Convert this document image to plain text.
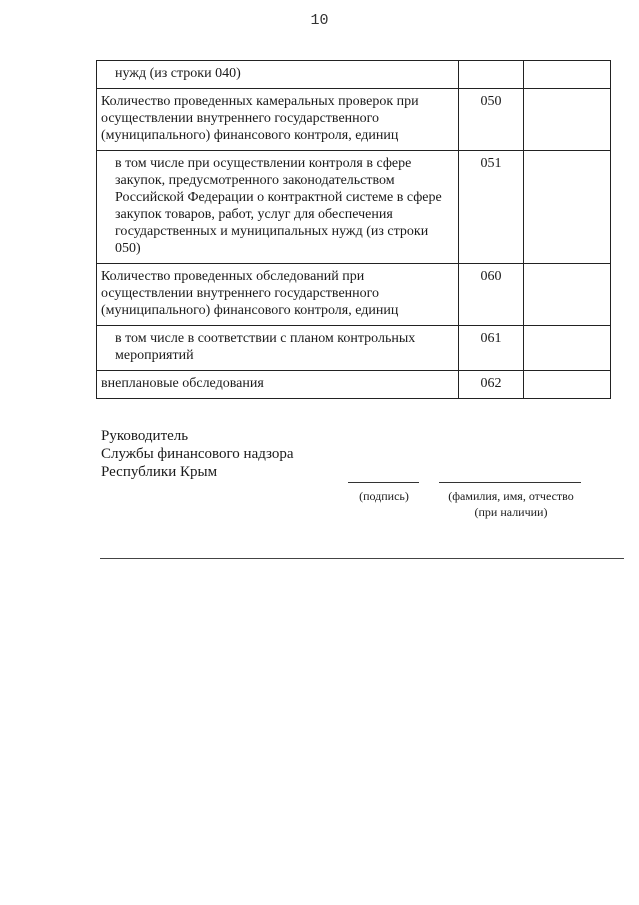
10
нужд (из строки 040)		
Количество проведенных камеральных проверок при осуществлении внутреннего государственного (муниципального) финансового контроля, единиц	050	
в том числе при осуществлении контроля в сфере закупок, предусмотренного законодательством Российской Федерации о контрактной системе в сфере закупок товаров, работ, услуг для обеспечения государственных и муниципальных нужд (из строки 050)	051	
Количество проведенных обследований при осуществлении внутреннего государственного (муниципального) финансового контроля, единиц	060	
в том числе в соответствии с планом контрольных мероприятий	061	
внеплановые обследования	062	
Руководитель
Службы финансового надзора
Республики Крым
(подпись)	(фамилия, имя, отчество
(при наличии)
